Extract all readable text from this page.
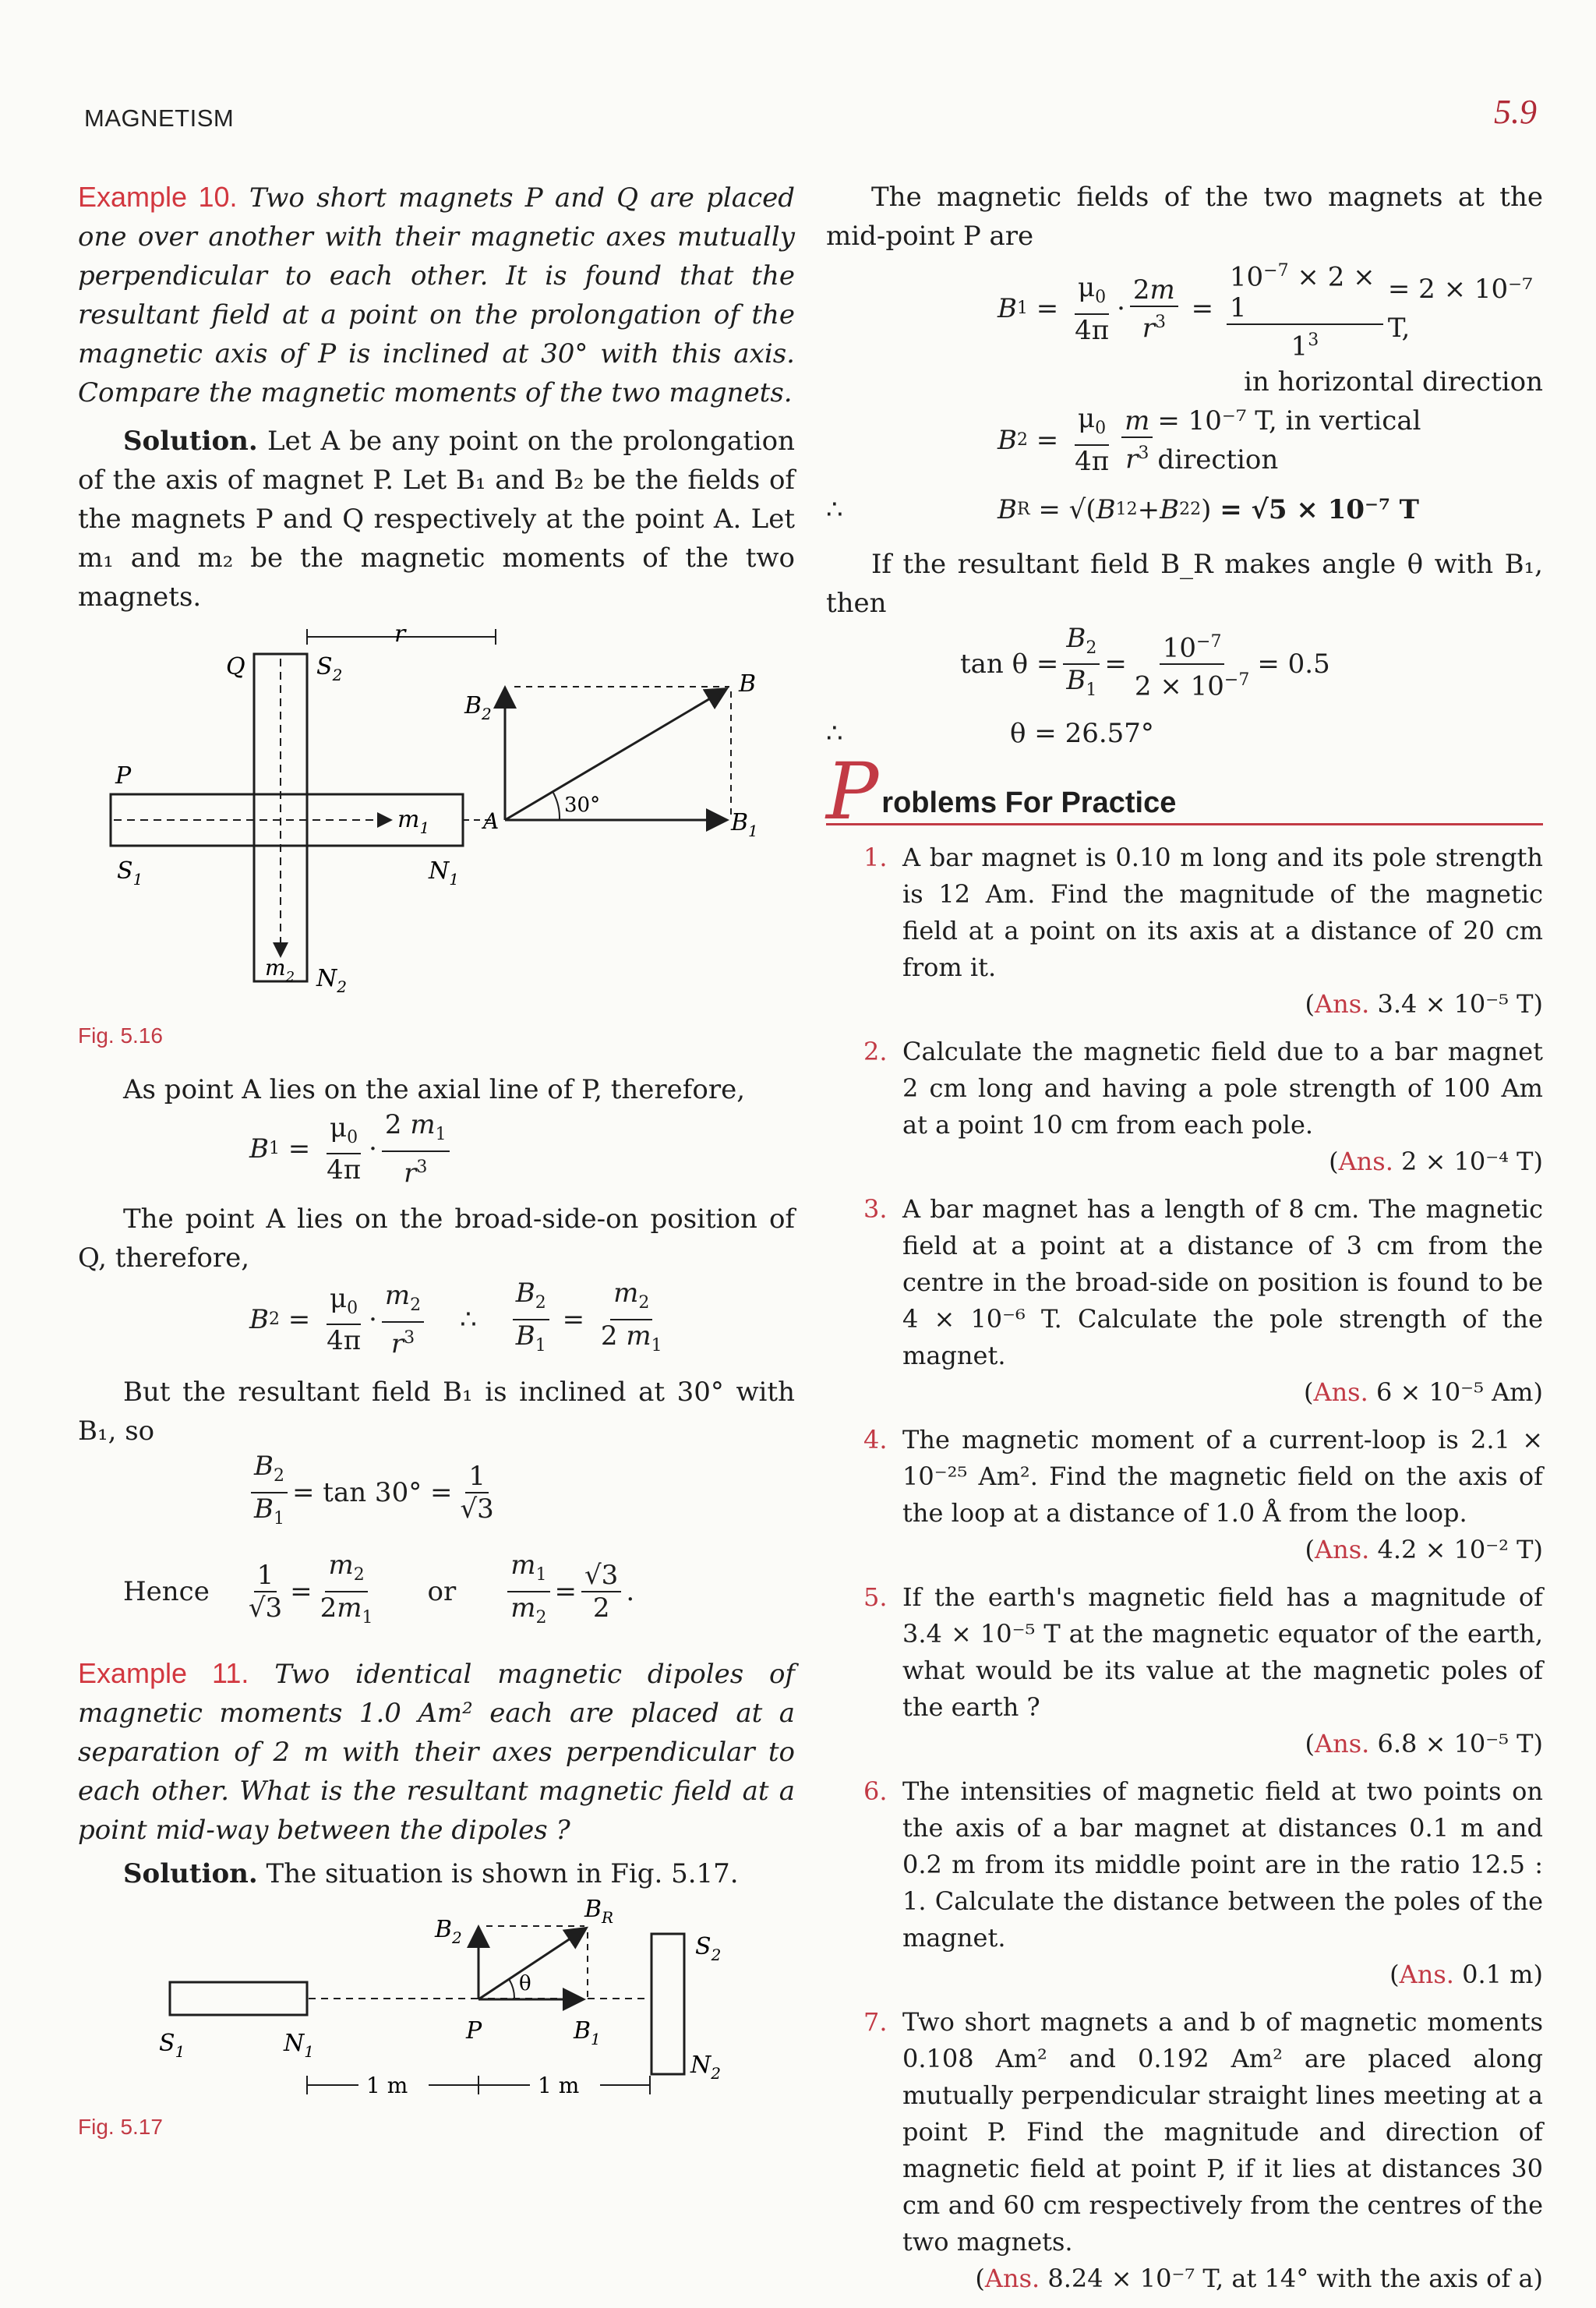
MAGNETISM	5.9

Example 10. Two short magnets P and Q are placed one over another with their magnetic axes mutually perpendicular to each other. It is found that the resultant field at a point on the prolongation of the magnetic axis of P is inclined at 30° with this axis. Compare the magnetic moments of the two magnets.

Solution. Let A be any point on the prolongation of the axis of magnet P. Let B₁ and B₂ be the fields of the magnets P and Q respectively at the point A. Let m₁ and m₂ be the magnetic moments of the two magnets.

Q	$S_2$
r
$B_2$
B
P
$m_1$ A
30°
$B_1$
$S_1$	$N_1$
$m_2$ $N_2$
Fig. 5.16

As point A lies on the axial line of P, therefore,

B $1 = \frac{\mu_0}{4\pi} \cdot \frac{2 m_1}{r^3}$

The point A lies on the broad-side-on position of Q, therefore,

B $2 = \frac{\mu_0}{4\pi} \cdot \frac{m_2}{r^3}$ ∴ $\frac{B_2}{B_1} = \frac{m_2}{2 m_1}$

But the resultant field B₁ is inclined at 30° with B₁, so

$\frac{B_2}{B_1} = \tan 30^\circ = \frac{1}{√3}$
Hence $\frac{1}{√3} = \frac{m_2}{2m_1}$ or $\frac{m_1}{m_2} = \frac{√3}{2}$ .

Example 11. Two identical magnetic dipoles of magnetic moments 1.0 Am² each are placed at a separation of 2 m with their axes perpendicular to each other. What is the resultant magnetic field at a point mid-way between the dipoles ?

Solution. The situation is shown in Fig. 5.17.

$B_2$
$B_R$
$S_2$
θ
$S_1$	$N_1$
P	$B_1$
$N_2$
1 m	1 m
Fig. 5.17

The magnetic fields of the two magnets at the mid-point P are

B $1 = \frac{\mu_0}{4\pi} \cdot \frac{2m}{r^3} = \frac{10^{-7} \times 2 \times 1}{1^3} = 2 \times 10^{-7}$ T,

in horizontal direction

B $2 = \frac{\mu_0}{4\pi} \frac{m}{r^3} = 10^{-7}$ T, in vertical direction
∴	B R = √( B 1 2 + B 2 2 ) = √5 × 10⁻⁷ T

If the resultant field B_R makes angle θ with B₁, then

$\tan \theta = \frac{B_2}{B_1} = \frac{10^{-7}}{2 \times 10^{-7}} = 0.5$
∴	θ = 26.57°
P roblems For Practice
1. A bar magnet is 0.10 m long and its pole strength is 12 Am. Find the magnitude of the magnetic field at a point on its axis at a distance of 20 cm from it.
(Ans. 3.4 × 10⁻⁵ T)
2. Calculate the magnetic field due to a bar magnet 2 cm long and having a pole strength of 100 Am at a point 10 cm from each pole.
(Ans. 2 × 10⁻⁴ T)
3. A bar magnet has a length of 8 cm. The magnetic field at a point at a distance of 3 cm from the centre in the broad-side on position is found to be 4 × 10⁻⁶ T. Calculate the pole strength of the magnet.
(Ans. 6 × 10⁻⁵ Am)
4. The magnetic moment of a current-loop is 2.1 × 10⁻²⁵ Am². Find the magnetic field on the axis of the loop at a distance of 1.0 Å from the loop.
(Ans. 4.2 × 10⁻² T)
5. If the earth's magnetic field has a magnitude of 3.4 × 10⁻⁵ T at the magnetic equator of the earth, what would be its value at the magnetic poles of the earth ?
(Ans. 6.8 × 10⁻⁵ T)
6. The intensities of magnetic field at two points on the axis of a bar magnet at distances 0.1 m and 0.2 m from its middle point are in the ratio 12.5 : 1. Calculate the distance between the poles of the magnet.
(Ans. 0.1 m)
7. Two short magnets a and b of magnetic moments 0.108 Am² and 0.192 Am² are placed along mutually perpendicular straight lines meeting at a point P. Find the magnitude and direction of magnetic field at point P, if it lies at distances 30 cm and 60 cm respectively from the centres of the two magnets.
(Ans. 8.24 × 10⁻⁷ T, at 14° with the axis of a)
